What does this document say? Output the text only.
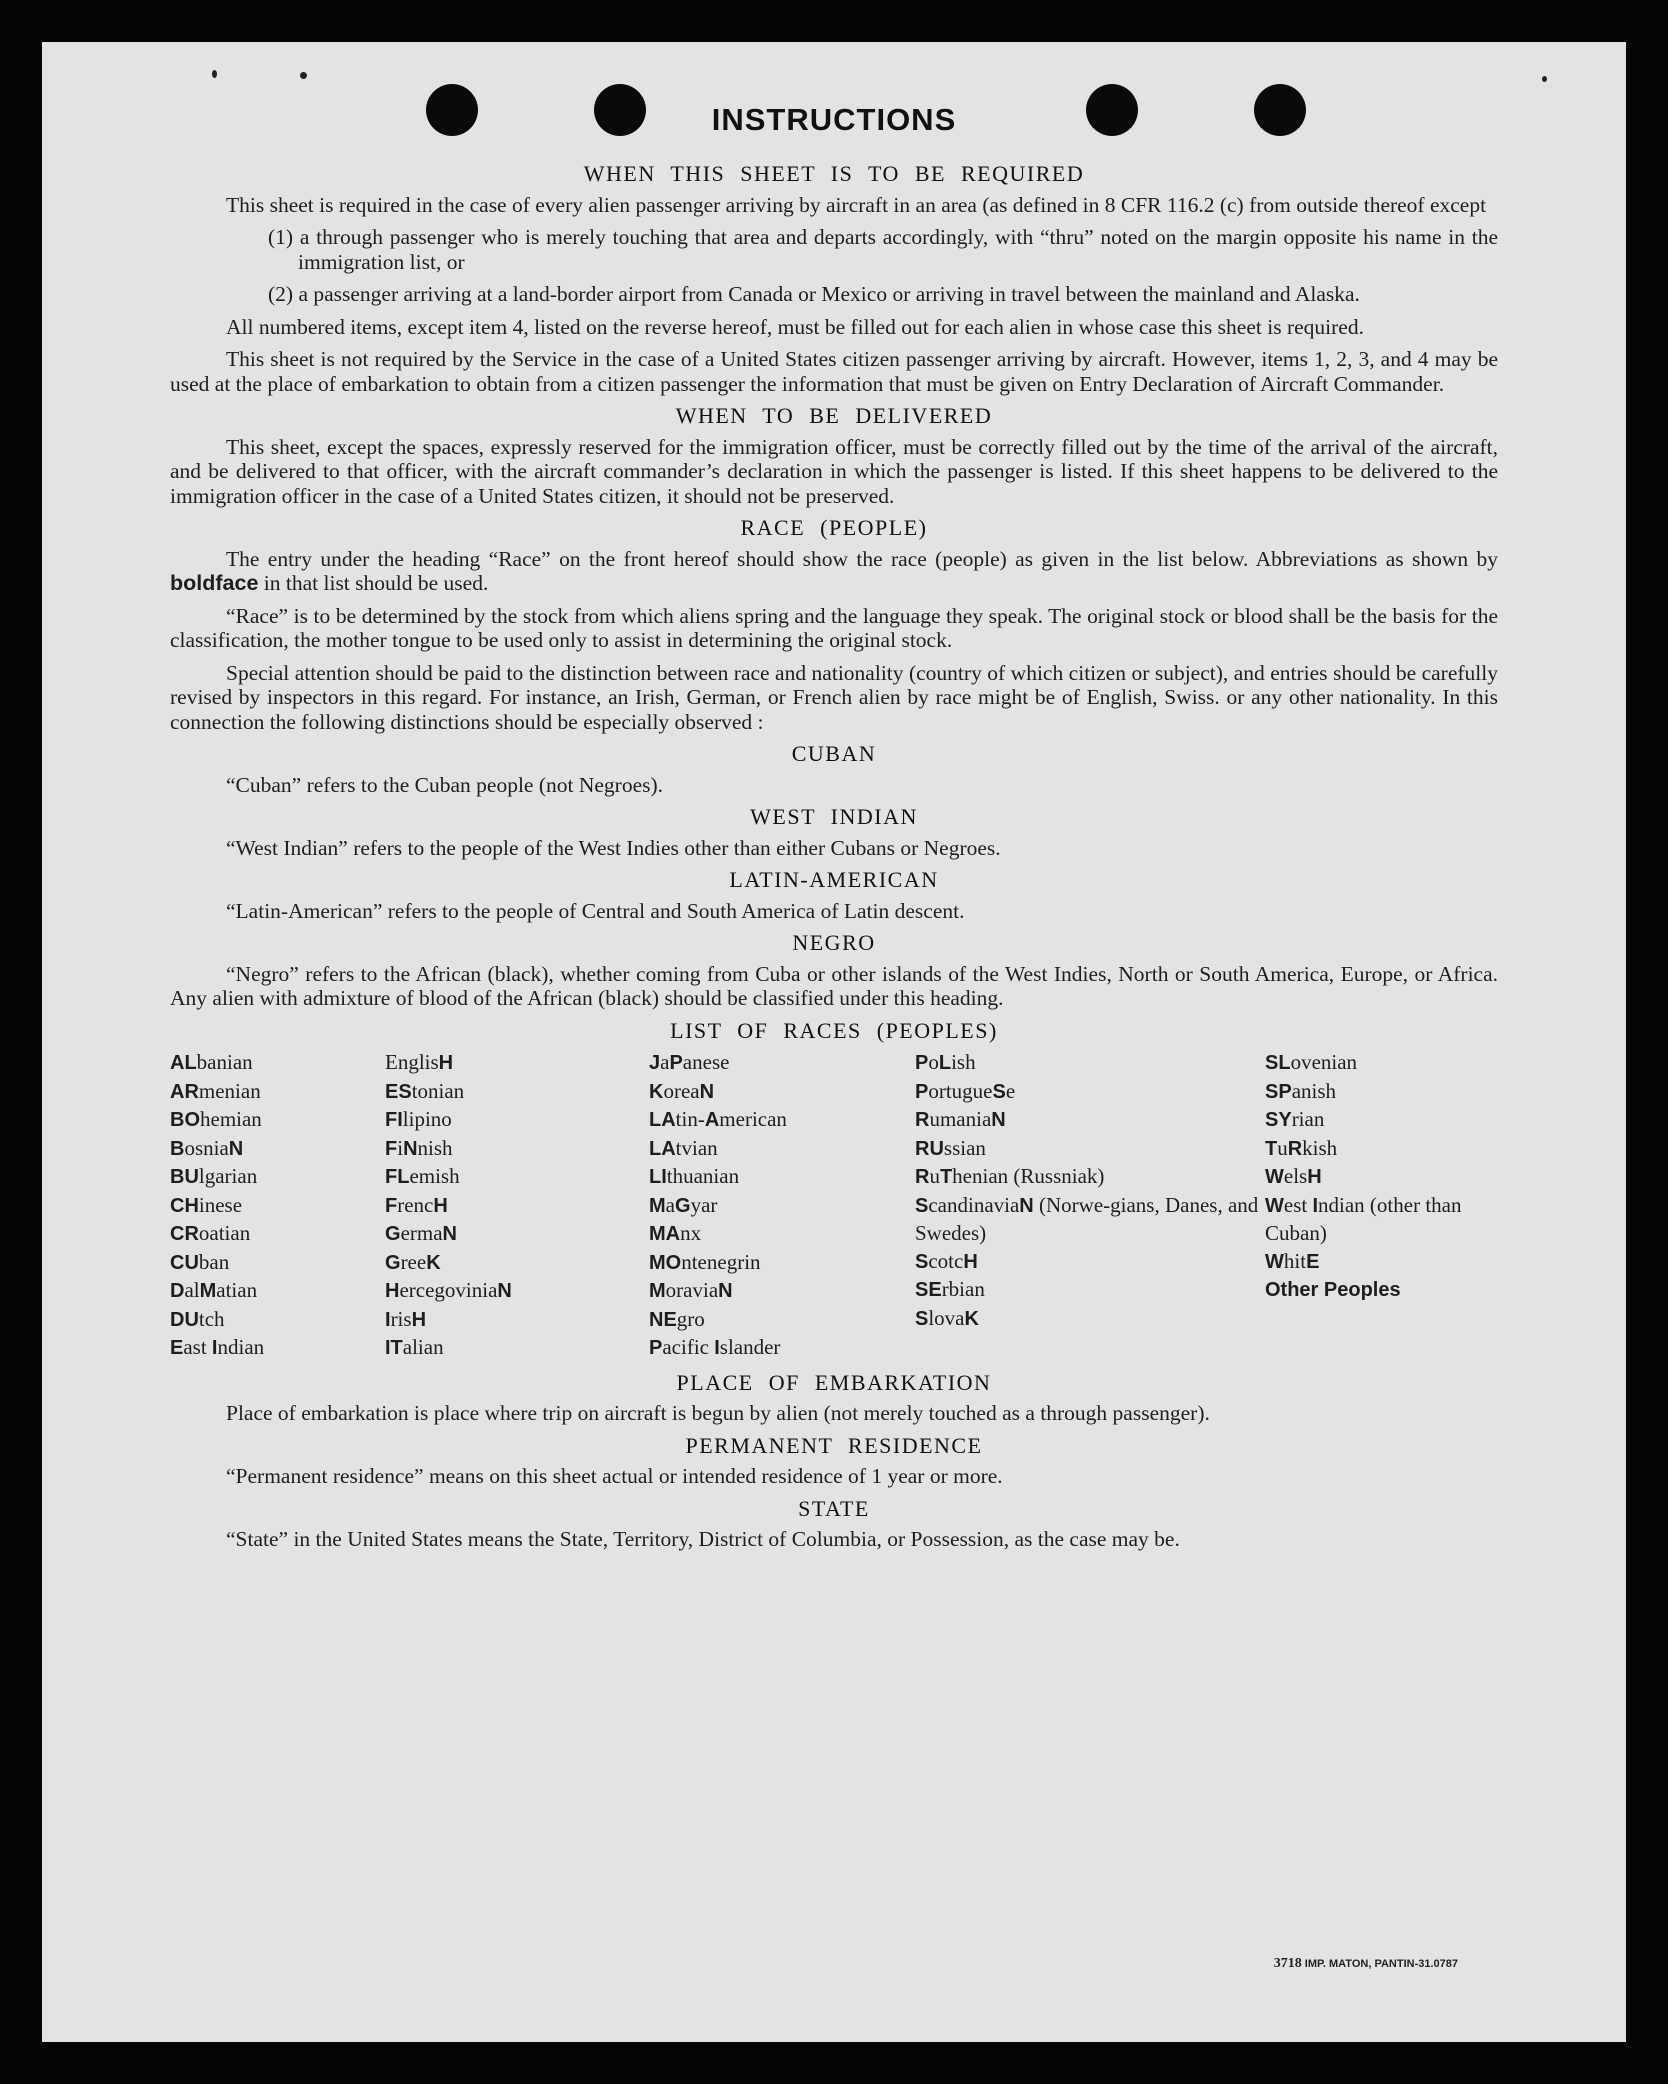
INSTRUCTIONS
WHEN THIS SHEET IS TO BE REQUIRED

This sheet is required in the case of every alien passenger arriving by aircraft in an area (as defined in 8 CFR 116.2 (c) from outside thereof except

(1) a through passenger who is merely touching that area and departs accordingly, with “thru” noted on the margin opposite his name in the immigration list, or

(2) a passenger arriving at a land-border airport from Canada or Mexico or arriving in travel between the mainland and Alaska.

All numbered items, except item 4, listed on the reverse hereof, must be filled out for each alien in whose case this sheet is required.

This sheet is not required by the Service in the case of a United States citizen passenger arriving by aircraft. However, items 1, 2, 3, and 4 may be used at the place of embarkation to obtain from a citizen passenger the information that must be given on Entry Declaration of Aircraft Commander.

WHEN TO BE DELIVERED

This sheet, except the spaces, expressly reserved for the immigration officer, must be correctly filled out by the time of the arrival of the aircraft, and be delivered to that officer, with the aircraft commander’s declaration in which the passenger is listed. If this sheet happens to be delivered to the immigration officer in the case of a United States citizen, it should not be preserved.

RACE (PEOPLE)

The entry under the heading “Race” on the front hereof should show the race (people) as given in the list below. Abbreviations as shown by boldface in that list should be used.

“Race” is to be determined by the stock from which aliens spring and the language they speak. The original stock or blood shall be the basis for the classification, the mother tongue to be used only to assist in determining the original stock.

Special attention should be paid to the distinction between race and nationality (country of which citizen or subject), and entries should be carefully revised by inspectors in this regard. For instance, an Irish, German, or French alien by race might be of English, Swiss. or any other nationality. In this connection the following distinctions should be especially observed :

CUBAN

“Cuban” refers to the Cuban people (not Negroes).

WEST INDIAN

“West Indian” refers to the people of the West Indies other than either Cubans or Negroes.

LATIN-AMERICAN

“Latin-American” refers to the people of Central and South America of Latin descent.

NEGRO

“Negro” refers to the African (black), whether coming from Cuba or other islands of the West Indies, North or South America, Europe, or Africa. Any alien with admixture of blood of the African (black) should be classified under this heading.

LIST OF RACES (PEOPLES)
ALbanian
ARmenian
BOhemian
BosniaN
BUlgarian
CHinese
CRoatian
CUban
DalMatian
DUtch
East Indian
EnglisH
EStonian
FIlipino
FiNnish
FLemish
FrencH
GermaN
GreeK
HercegoviniaN
IrisH
ITalian
JaPanese
KoreaN
LAtin-American
LAtvian
LIthuanian
MaGyar
MAnx
MOntenegrin
MoraviaN
NEgro
Pacific Islander
PoLish
PortugueSe
RumaniaN
RUssian
RuThenian (Russniak)
ScandinaviaN (Norwe-gians, Danes, and Swedes)
ScotcH
SErbian
SlovaK
SLovenian
SPanish
SYrian
TuRkish
WelsH
West Indian (other than Cuban)
WhitE
Other Peoples
PLACE OF EMBARKATION

Place of embarkation is place where trip on aircraft is begun by alien (not merely touched as a through passenger).

PERMANENT RESIDENCE

“Permanent residence” means on this sheet actual or intended residence of 1 year or more.

STATE

“State” in the United States means the State, Territory, District of Columbia, or Possession, as the case may be.

3718 IMP. MATON, PANTIN-31.0787
